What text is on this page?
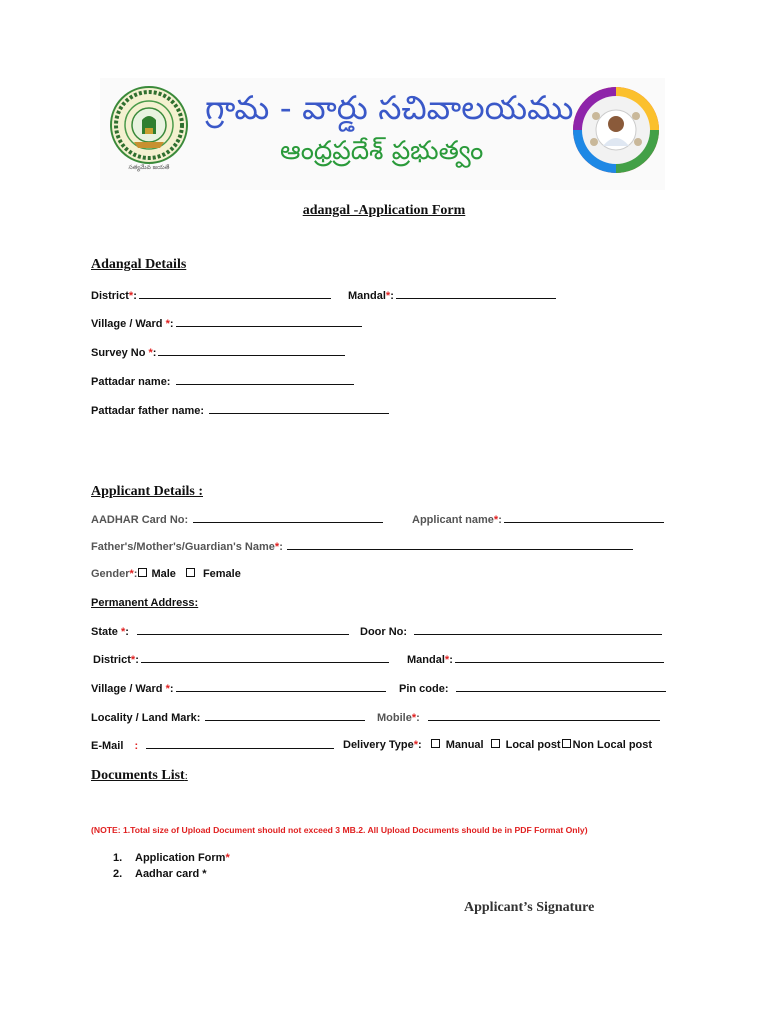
సత్యమేవ జయతే
గ్రామ - వార్డు సచివాలయము
ఆంధ్రప్రదేశ్ ప్రభుత్వం
adangal -Application Form
Adangal Details
District*:	Mandal*:
Village / Ward *:
Survey No *:
Pattadar name:
Pattadar father name:
Applicant Details :
AADHAR Card No:	Applicant name*:
Father's/Mother's/Guardian's Name*:
Gender*: Male Female
Permanent Address:
State *:	Door No:
District*:	Mandal*:
Village / Ward *:	Pin code:
Locality / Land Mark:	Mobile*:
E-Mail :	Delivery Type*: Manual Local post Non Local post
Documents List:
(NOTE: 1.Total size of Upload Document should not exceed 3 MB.2. All Upload Documents should be in PDF Format Only)
1. Application Form*
2. Aadhar card *
Applicant’s Signature
